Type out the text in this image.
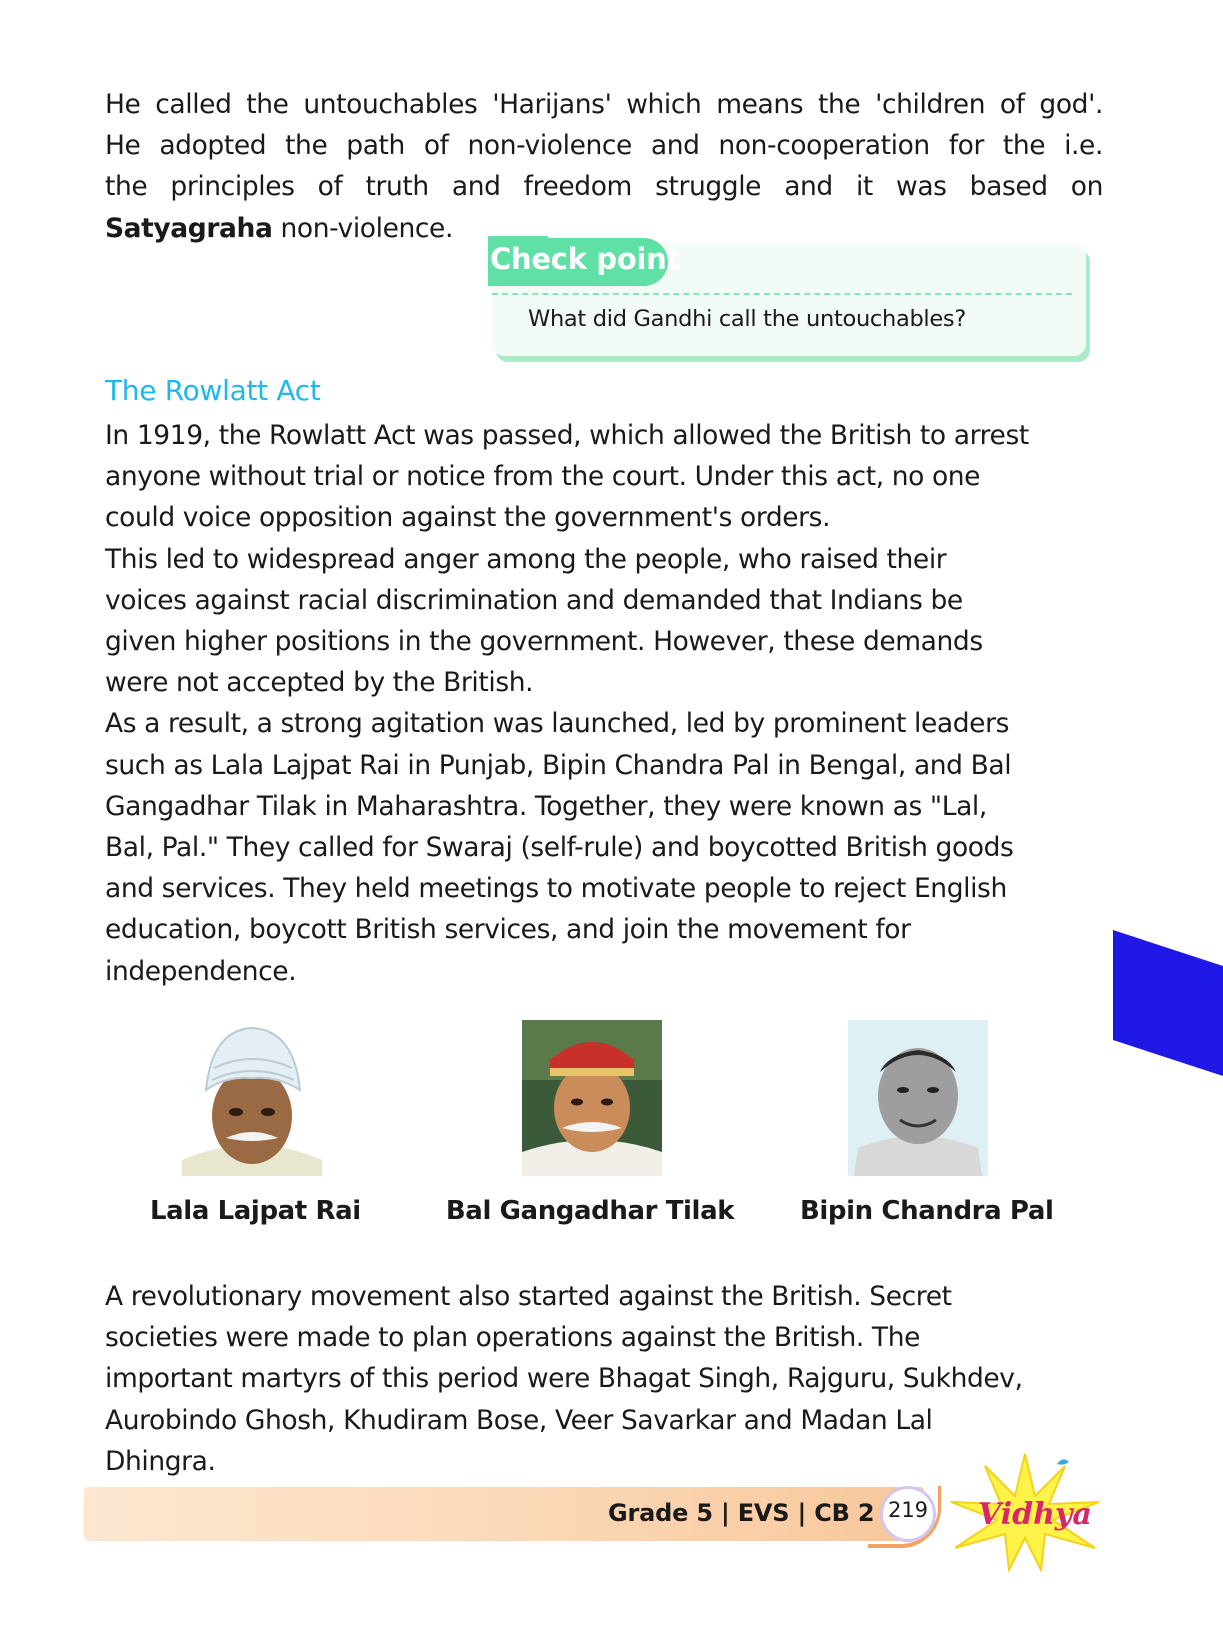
He called the untouchables 'Harijans' which means the 'children of god'.
He adopted the path of non-violence and non-cooperation for the i.e.
the principles of truth and freedom struggle and it was based on
Satyagraha non-violence.

Check point
What did Gandhi call the untouchables?
The Rowlatt Act

In 1919, the Rowlatt Act was passed, which allowed the British to arrest
anyone without trial or notice from the court. Under this act, no one
could voice opposition against the government's orders.
This led to widespread anger among the people, who raised their
voices against racial discrimination and demanded that Indians be
given higher positions in the government. However, these demands
were not accepted by the British.
As a result, a strong agitation was launched, led by prominent leaders
such as Lala Lajpat Rai in Punjab, Bipin Chandra Pal in Bengal, and Bal
Gangadhar Tilak in Maharashtra. Together, they were known as "Lal,
Bal, Pal." They called for Swaraj (self-rule) and boycotted British goods
and services. They held meetings to motivate people to reject English
education, boycott British services, and join the movement for
independence.

Lala Lajpat Rai	Bal Gangadhar Tilak	Bipin Chandra Pal

A revolutionary movement also started against the British. Secret
societies were made to plan operations against the British. The
important martyrs of this period were Bhagat Singh, Rajguru, Sukhdev,
Aurobindo Ghosh, Khudiram Bose, Veer Savarkar and Madan Lal
Dhingra.

Grade 5 | EVS | CB 2 219 Vidhya
